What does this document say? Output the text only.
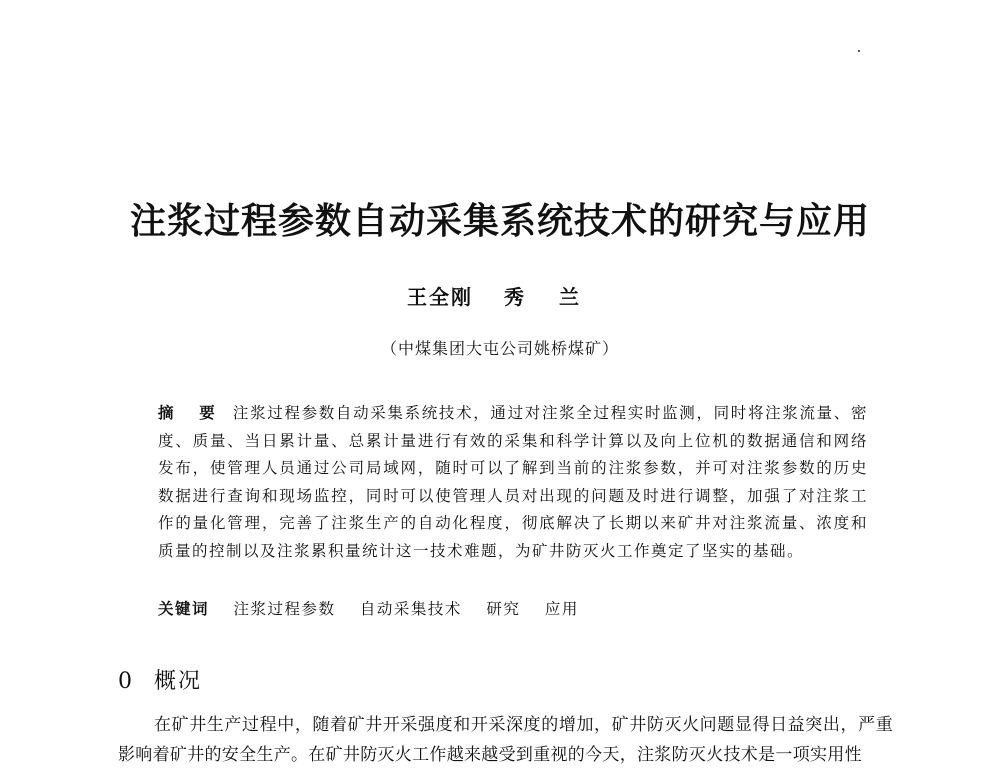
注浆过程参数自动采集系统技术的研究与应用
王全刚 秀 兰
（中煤集团大屯公司姚桥煤矿）
摘 要 注浆过程参数自动采集系统技术，通过对注浆全过程实时监测，同时将注浆流量、密度、质量、当日累计量、总累计量进行有效的采集和科学计算以及向上位机的数据通信和网络发布，使管理人员通过公司局域网，随时可以了解到当前的注浆参数，并可对注浆参数的历史数据进行查询和现场监控，同时可以使管理人员对出现的问题及时进行调整，加强了对注浆工作的量化管理，完善了注浆生产的自动化程度，彻底解决了长期以来矿井对注浆流量、浓度和质量的控制以及注浆累积量统计这一技术难题，为矿井防灭火工作奠定了坚实的基础。
关键词 注浆过程参数 自动采集技术 研究 应用
0 概况
在矿井生产过程中，随着矿井开采强度和开采深度的增加，矿井防灭火问题显得日益突出，严重影响着矿井的安全生产。在矿井防灭火工作越来越受到重视的今天，注浆防灭火技术是一项实用性
